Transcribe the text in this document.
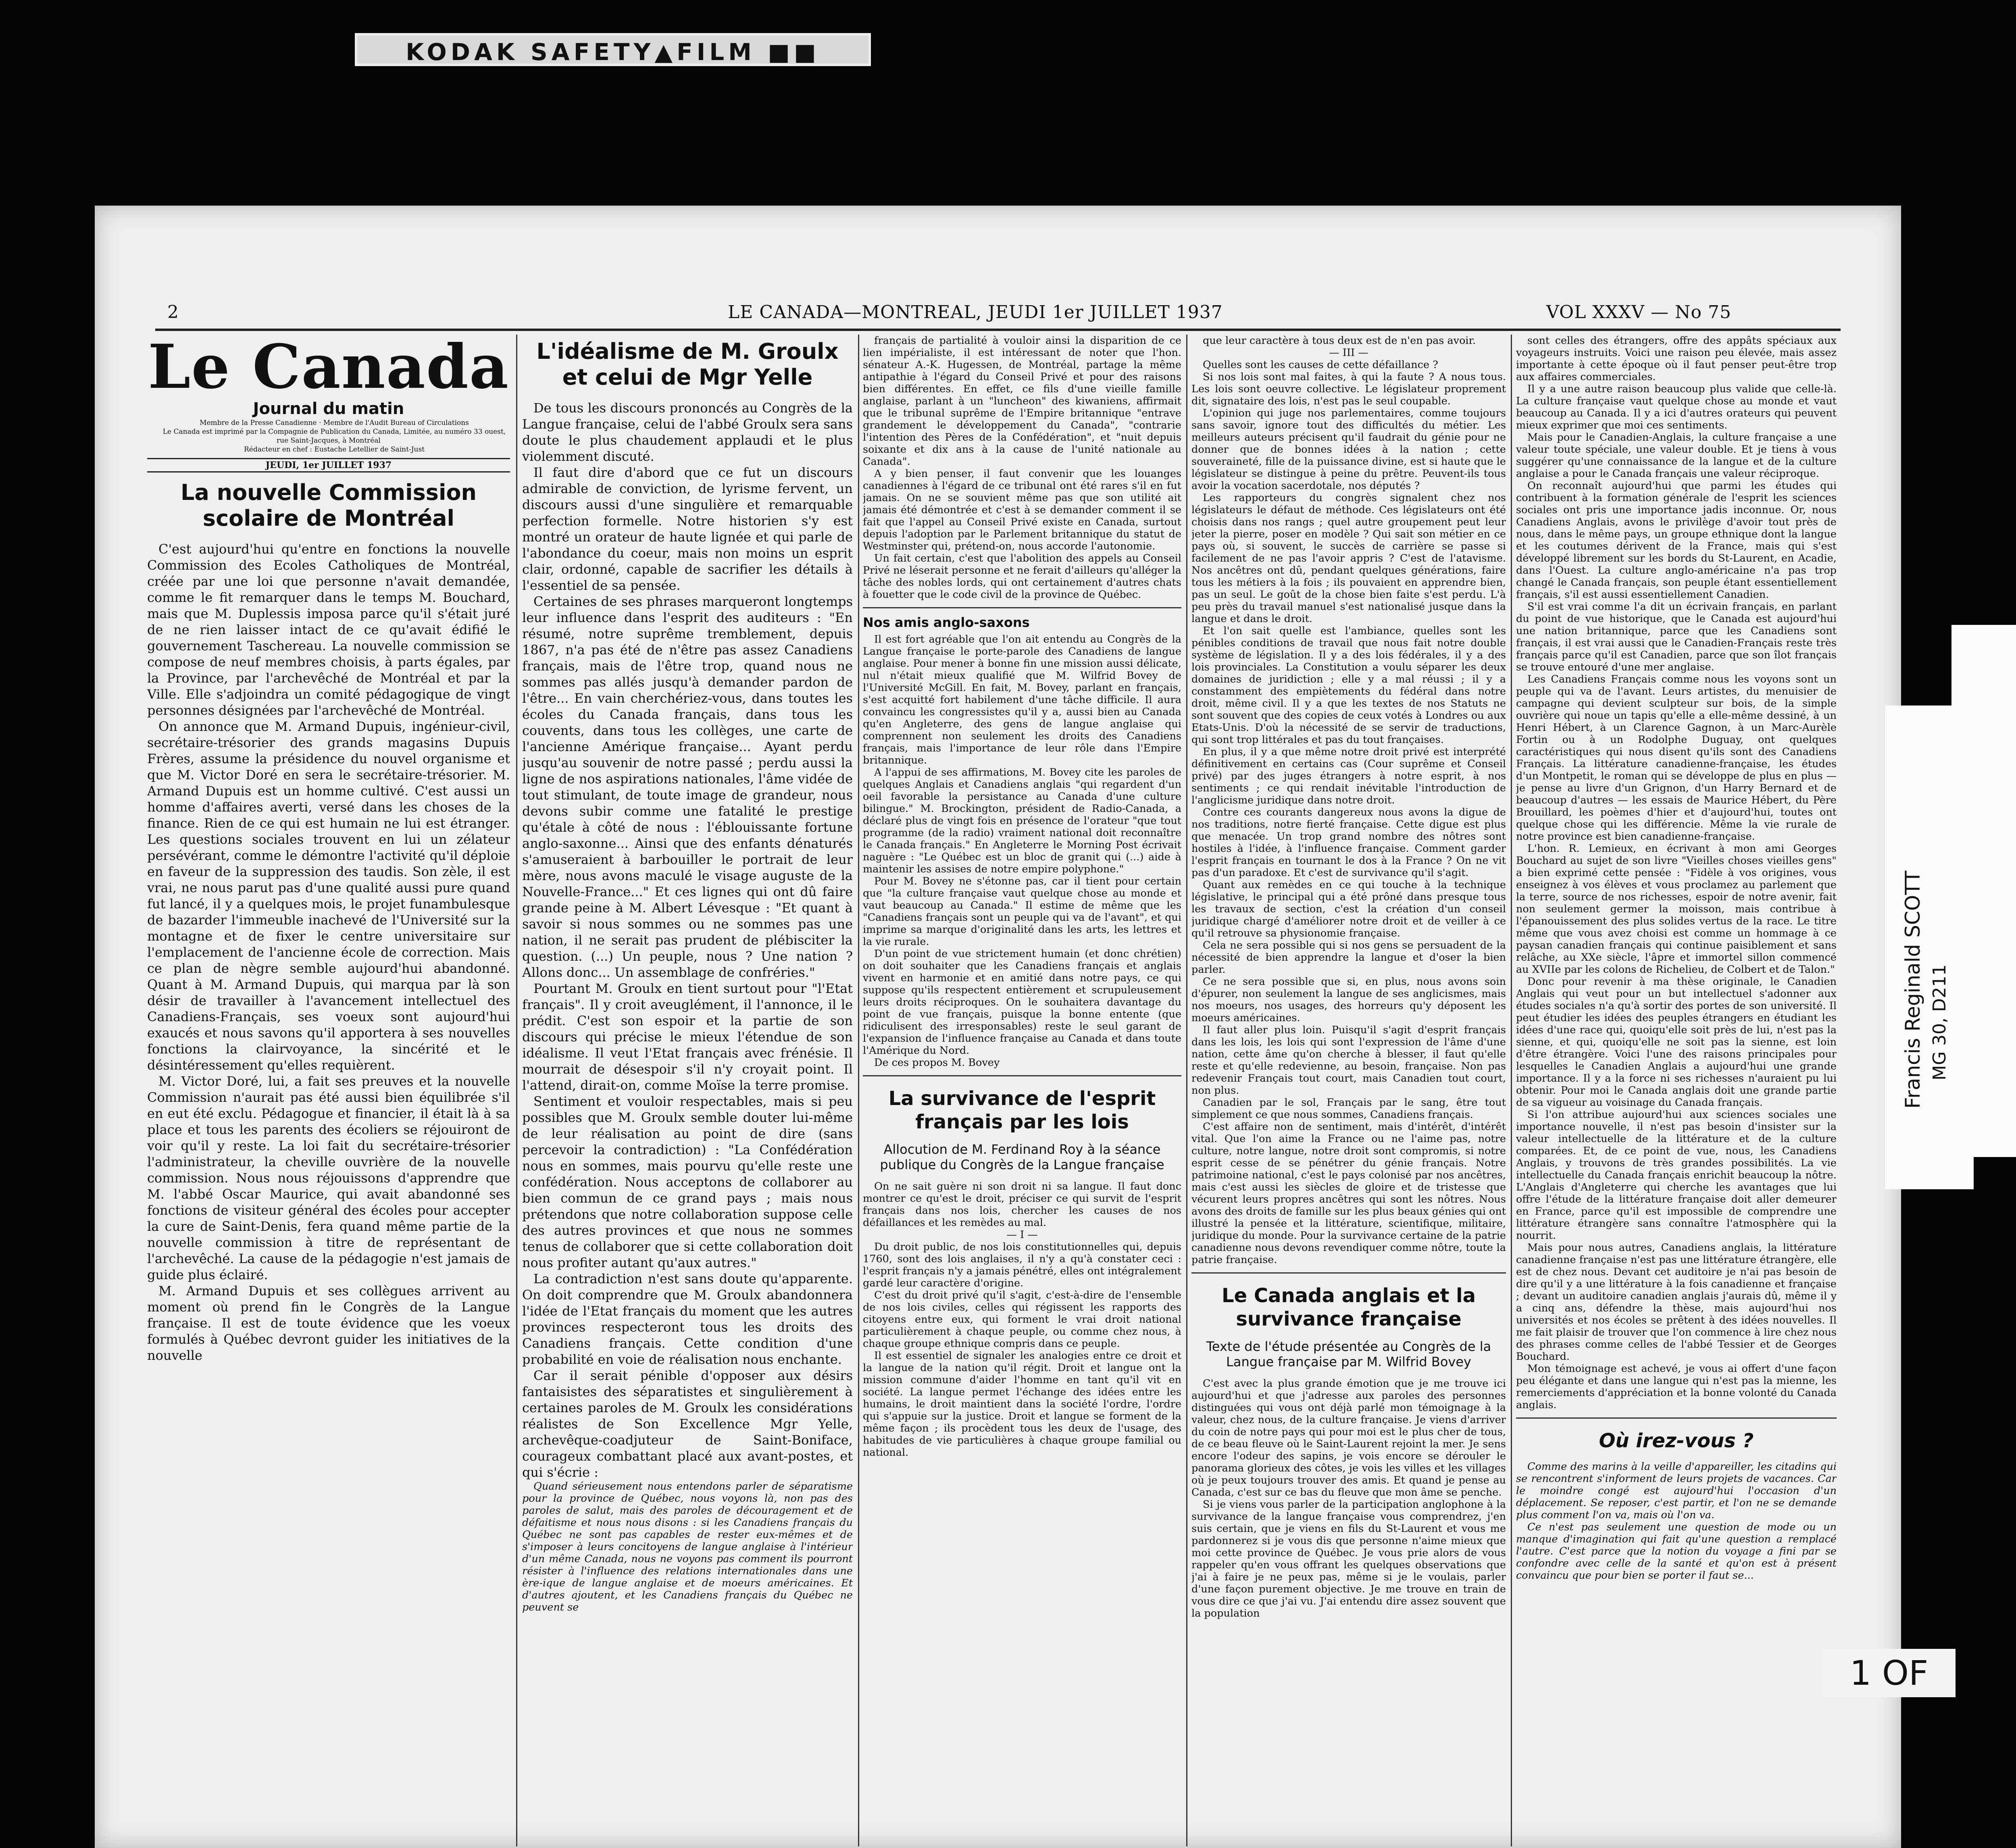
KODAK SAFETY▲FILM ■■
2	LE CANADA—MONTREAL, JEUDI 1er JUILLET 1937	VOL XXXV — No 75
Le Canada
Journal du matin

Membre de la Presse Canadienne · Membre de l'Audit Bureau of Circulations

Le Canada est imprimé par la Compagnie de Publication du Canada, Limitée, au numéro 33 ouest, rue Saint-Jacques, à Montréal

Rédacteur en chef : Eustache Letellier de Saint-Just

JEUDI, 1er JUILLET 1937
La nouvelle Commission scolaire de Montréal

C'est aujourd'hui qu'entre en fonctions la nouvelle Commission des Ecoles Catholiques de Montréal, créée par une loi que personne n'avait demandée, comme le fit remarquer dans le temps M. Bouchard, mais que M. Duplessis imposa parce qu'il s'était juré de ne rien laisser intact de ce qu'avait édifié le gouvernement Taschereau. La nouvelle commission se compose de neuf membres choisis, à parts égales, par la Province, par l'archevêché de Montréal et par la Ville. Elle s'adjoindra un comité pédagogique de vingt personnes désignées par l'archevêché de Montréal.

On annonce que M. Armand Dupuis, ingénieur-civil, secrétaire-trésorier des grands magasins Dupuis Frères, assume la présidence du nouvel organisme et que M. Victor Doré en sera le secrétaire-trésorier. M. Armand Dupuis est un homme cultivé. C'est aussi un homme d'affaires averti, versé dans les choses de la finance. Rien de ce qui est humain ne lui est étranger. Les questions sociales trouvent en lui un zélateur persévérant, comme le démontre l'activité qu'il déploie en faveur de la suppression des taudis. Son zèle, il est vrai, ne nous parut pas d'une qualité aussi pure quand fut lancé, il y a quelques mois, le projet funambulesque de bazarder l'immeuble inachevé de l'Université sur la montagne et de fixer le centre universitaire sur l'emplacement de l'ancienne école de correction. Mais ce plan de nègre semble aujourd'hui abandonné. Quant à M. Armand Dupuis, qui marqua par là son désir de travailler à l'avancement intellectuel des Canadiens-Français, ses voeux sont aujourd'hui exaucés et nous savons qu'il apportera à ses nouvelles fonctions la clairvoyance, la sincérité et le désintéressement qu'elles requièrent.

M. Victor Doré, lui, a fait ses preuves et la nouvelle Commission n'aurait pas été aussi bien équilibrée s'il en eut été exclu. Pédagogue et financier, il était là à sa place et tous les parents des écoliers se réjouiront de voir qu'il y reste. La loi fait du secrétaire-trésorier l'administrateur, la cheville ouvrière de la nouvelle commission. Nous nous réjouissons d'apprendre que M. l'abbé Oscar Maurice, qui avait abandonné ses fonctions de visiteur général des écoles pour accepter la cure de Saint-Denis, fera quand même partie de la nouvelle commission à titre de représentant de l'archevêché. La cause de la pédagogie n'est jamais de guide plus éclairé.

M. Armand Dupuis et ses collègues arrivent au moment où prend fin le Congrès de la Langue française. Il est de toute évidence que les voeux formulés à Québec devront guider les initiatives de la nouvelle

L'idéalisme de M. Groulx et celui de Mgr Yelle

De tous les discours prononcés au Congrès de la Langue française, celui de l'abbé Groulx sera sans doute le plus chaudement applaudi et le plus violemment discuté.

Il faut dire d'abord que ce fut un discours admirable de conviction, de lyrisme fervent, un discours aussi d'une singulière et remarquable perfection formelle. Notre historien s'y est montré un orateur de haute lignée et qui parle de l'abondance du coeur, mais non moins un esprit clair, ordonné, capable de sacrifier les détails à l'essentiel de sa pensée.

Certaines de ses phrases marqueront longtemps leur influence dans l'esprit des auditeurs : "En résumé, notre suprême tremblement, depuis 1867, n'a pas été de n'être pas assez Canadiens français, mais de l'être trop, quand nous ne sommes pas allés jusqu'à demander pardon de l'être... En vain cherchériez-vous, dans toutes les écoles du Canada français, dans tous les couvents, dans tous les collèges, une carte de l'ancienne Amérique française... Ayant perdu jusqu'au souvenir de notre passé ; perdu aussi la ligne de nos aspirations nationales, l'âme vidée de tout stimulant, de toute image de grandeur, nous devons subir comme une fatalité le prestige qu'étale à côté de nous : l'éblouissante fortune anglo-saxonne... Ainsi que des enfants dénaturés s'amuseraient à barbouiller le portrait de leur mère, nous avons maculé le visage auguste de la Nouvelle-France..." Et ces lignes qui ont dû faire grande peine à M. Albert Lévesque : "Et quant à savoir si nous sommes ou ne sommes pas une nation, il ne serait pas prudent de plébisciter la question. (...) Un peuple, nous ? Une nation ? Allons donc... Un assemblage de confréries."

Pourtant M. Groulx en tient surtout pour "l'Etat français". Il y croit aveuglément, il l'annonce, il le prédit. C'est son espoir et la partie de son discours qui précise le mieux l'étendue de son idéalisme. Il veut l'Etat français avec frénésie. Il mourrait de désespoir s'il n'y croyait point. Il l'attend, dirait-on, comme Moïse la terre promise.

Sentiment et vouloir respectables, mais si peu possibles que M. Groulx semble douter lui-même de leur réalisation au point de dire (sans percevoir la contradiction) : "La Confédération nous en sommes, mais pourvu qu'elle reste une confédération. Nous acceptons de collaborer au bien commun de ce grand pays ; mais nous prétendons que notre collaboration suppose celle des autres provinces et que nous ne sommes tenus de collaborer que si cette collaboration doit nous profiter autant qu'aux autres."

La contradiction n'est sans doute qu'apparente. On doit comprendre que M. Groulx abandonnera l'idée de l'Etat français du moment que les autres provinces respecteront tous les droits des Canadiens français. Cette condition d'une probabilité en voie de réalisation nous enchante.

Car il serait pénible d'opposer aux désirs fantaisistes des séparatistes et singulièrement à certaines paroles de M. Groulx les considérations réalistes de Son Excellence Mgr Yelle, archevêque-coadjuteur de Saint-Boniface, courageux combattant placé aux avant-postes, et qui s'écrie :

Quand sérieusement nous entendons parler de séparatisme pour la province de Québec, nous voyons là, non pas des paroles de salut, mais des paroles de découragement et de défaitisme et nous nous disons : si les Canadiens français du Québec ne sont pas capables de rester eux-mêmes et de s'imposer à leurs concitoyens de langue anglaise à l'intérieur d'un même Canada, nous ne voyons pas comment ils pourront résister à l'influence des relations internationales dans une ère-ique de langue anglaise et de moeurs américaines. Et d'autres ajoutent, et les Canadiens français du Québec ne peuvent se

français de partialité à vouloir ainsi la disparition de ce lien impérialiste, il est intéressant de noter que l'hon. sénateur A.-K. Hugessen, de Montréal, partage la même antipathie à l'égard du Conseil Privé et pour des raisons bien différentes. En effet, ce fils d'une vieille famille anglaise, parlant à un "luncheon" des kiwaniens, affirmait que le tribunal suprême de l'Empire britannique "entrave grandement le développement du Canada", "contrarie l'intention des Pères de la Confédération", et "nuit depuis soixante et dix ans à la cause de l'unité nationale au Canada".

A y bien penser, il faut convenir que les louanges canadiennes à l'égard de ce tribunal ont été rares s'il en fut jamais. On ne se souvient même pas que son utilité ait jamais été démontrée et c'est à se demander comment il se fait que l'appel au Conseil Privé existe en Canada, surtout depuis l'adoption par le Parlement britannique du statut de Westminster qui, prétend-on, nous accorde l'autonomie.

Un fait certain, c'est que l'abolition des appels au Conseil Privé ne léserait personne et ne ferait d'ailleurs qu'alléger la tâche des nobles lords, qui ont certainement d'autres chats à fouetter que le code civil de la province de Québec.

Nos amis anglo-saxons

Il est fort agréable que l'on ait entendu au Congrès de la Langue française le porte-parole des Canadiens de langue anglaise. Pour mener à bonne fin une mission aussi délicate, nul n'était mieux qualifié que M. Wilfrid Bovey de l'Université McGill. En fait, M. Bovey, parlant en français, s'est acquitté fort habilement d'une tâche difficile. Il aura convaincu les congressistes qu'il y a, aussi bien au Canada qu'en Angleterre, des gens de langue anglaise qui comprennent non seulement les droits des Canadiens français, mais l'importance de leur rôle dans l'Empire britannique.

A l'appui de ses affirmations, M. Bovey cite les paroles de quelques Anglais et Canadiens anglais "qui regardent d'un oeil favorable la persistance au Canada d'une culture bilingue." M. Brockington, président de Radio-Canada, a déclaré plus de vingt fois en présence de l'orateur "que tout programme (de la radio) vraiment national doit reconnaître le Canada français." En Angleterre le Morning Post écrivait naguère : "Le Québec est un bloc de granit qui (...) aide à maintenir les assises de notre empire polyphone."

Pour M. Bovey ne s'étonne pas, car il tient pour certain que "la culture française vaut quelque chose au monde et vaut beaucoup au Canada." Il estime de même que les "Canadiens français sont un peuple qui va de l'avant", et qui imprime sa marque d'originalité dans les arts, les lettres et la vie rurale.

D'un point de vue strictement humain (et donc chrétien) on doit souhaiter que les Canadiens français et anglais vivent en harmonie et en amitié dans notre pays, ce qui suppose qu'ils respectent entièrement et scrupuleusement leurs droits réciproques. On le souhaitera davantage du point de vue français, puisque la bonne entente (que ridiculisent des irresponsables) reste le seul garant de l'expansion de l'influence française au Canada et dans toute l'Amérique du Nord.

De ces propos M. Bovey

La survivance de l'esprit français par les lois
Allocution de M. Ferdinand Roy à la séance publique du Congrès de la Langue française

On ne sait guère ni son droit ni sa langue. Il faut donc montrer ce qu'est le droit, préciser ce qui survit de l'esprit français dans nos lois, chercher les causes de nos défaillances et les remèdes au mal.

— I —

Du droit public, de nos lois constitutionnelles qui, depuis 1760, sont des lois anglaises, il n'y a qu'à constater ceci : l'esprit français n'y a jamais pénétré, elles ont intégralement gardé leur caractère d'origine.

C'est du droit privé qu'il s'agit, c'est-à-dire de l'ensemble de nos lois civiles, celles qui régissent les rapports des citoyens entre eux, qui forment le vrai droit national particulièrement à chaque peuple, ou comme chez nous, à chaque groupe ethnique compris dans ce peuple.

Il est essentiel de signaler les analogies entre ce droit et la langue de la nation qu'il régit. Droit et langue ont la mission commune d'aider l'homme en tant qu'il vit en société. La langue permet l'échange des idées entre les humains, le droit maintient dans la société l'ordre, l'ordre qui s'appuie sur la justice. Droit et langue se forment de la même façon ; ils procèdent tous les deux de l'usage, des habitudes de vie particulières à chaque groupe familial ou national.

que leur caractère à tous deux est de n'en pas avoir.

— III —

Quelles sont les causes de cette défaillance ?

Si nos lois sont mal faites, à qui la faute ? A nous tous. Les lois sont oeuvre collective. Le législateur proprement dit, signataire des lois, n'est pas le seul coupable.

L'opinion qui juge nos parlementaires, comme toujours sans savoir, ignore tout des difficultés du métier. Les meilleurs auteurs précisent qu'il faudrait du génie pour ne donner que de bonnes idées à la nation ; cette souveraineté, fille de la puissance divine, est si haute que le législateur se distingue à peine du prêtre. Peuvent-ils tous avoir la vocation sacerdotale, nos députés ?

Les rapporteurs du congrès signalent chez nos législateurs le défaut de méthode. Ces législateurs ont été choisis dans nos rangs ; quel autre groupement peut leur jeter la pierre, poser en modèle ? Qui sait son métier en ce pays où, si souvent, le succès de carrière se passe si facilement de ne pas l'avoir appris ? C'est de l'atavisme. Nos ancêtres ont dû, pendant quelques générations, faire tous les métiers à la fois ; ils pouvaient en apprendre bien, pas un seul. Le goût de la chose bien faite s'est perdu. L'à peu près du travail manuel s'est nationalisé jusque dans la langue et dans le droit.

Et l'on sait quelle est l'ambiance, quelles sont les pénibles conditions de travail que nous fait notre double système de législation. Il y a des lois fédérales, il y a des lois provinciales. La Constitution a voulu séparer les deux domaines de juridiction ; elle y a mal réussi ; il y a constamment des empiètements du fédéral dans notre droit, même civil. Il y a que les textes de nos Statuts ne sont souvent que des copies de ceux votés à Londres ou aux Etats-Unis. D'où la nécessité de se servir de traductions, qui sont trop littérales et pas du tout françaises.

En plus, il y a que même notre droit privé est interprété définitivement en certains cas (Cour suprême et Conseil privé) par des juges étrangers à notre esprit, à nos sentiments ; ce qui rendait inévitable l'introduction de l'anglicisme juridique dans notre droit.

Contre ces courants dangereux nous avons la digue de nos traditions, notre fierté française. Cette digue est plus que menacée. Un trop grand nombre des nôtres sont hostiles à l'idée, à l'influence française. Comment garder l'esprit français en tournant le dos à la France ? On ne vit pas d'un paradoxe. Et c'est de survivance qu'il s'agit.

Quant aux remèdes en ce qui touche à la technique législative, le principal qui a été prôné dans presque tous les travaux de section, c'est la création d'un conseil juridique chargé d'améliorer notre droit et de veiller à ce qu'il retrouve sa physionomie française.

Cela ne sera possible qui si nos gens se persuadent de la nécessité de bien apprendre la langue et d'oser la bien parler.

Ce ne sera possible que si, en plus, nous avons soin d'épurer, non seulement la langue de ses anglicismes, mais nos moeurs, nos usages, des horreurs qu'y déposent les moeurs américaines.

Il faut aller plus loin. Puisqu'il s'agit d'esprit français dans les lois, les lois qui sont l'expression de l'âme d'une nation, cette âme qu'on cherche à blesser, il faut qu'elle reste et qu'elle redevienne, au besoin, française. Non pas redevenir Français tout court, mais Canadien tout court, non plus.

Canadien par le sol, Français par le sang, être tout simplement ce que nous sommes, Canadiens français.

C'est affaire non de sentiment, mais d'intérêt, d'intérêt vital. Que l'on aime la France ou ne l'aime pas, notre culture, notre langue, notre droit sont compromis, si notre esprit cesse de se pénétrer du génie français. Notre patrimoine national, c'est le pays colonisé par nos ancêtres, mais c'est aussi les siècles de gloire et de tristesse que vécurent leurs propres ancêtres qui sont les nôtres. Nous avons des droits de famille sur les plus beaux génies qui ont illustré la pensée et la littérature, scientifique, militaire, juridique du monde. Pour la survivance certaine de la patrie canadienne nous devons revendiquer comme nôtre, toute la patrie française.

Le Canada anglais et la survivance française
Texte de l'étude présentée au Congrès de la Langue française par M. Wilfrid Bovey

C'est avec la plus grande émotion que je me trouve ici aujourd'hui et que j'adresse aux paroles des personnes distinguées qui vous ont déjà parlé mon témoignage à la valeur, chez nous, de la culture française. Je viens d'arriver du coin de notre pays qui pour moi est le plus cher de tous, de ce beau fleuve où le Saint-Laurent rejoint la mer. Je sens encore l'odeur des sapins, je vois encore se dérouler le panorama glorieux des côtes, je vois les villes et les villages où je peux toujours trouver des amis. Et quand je pense au Canada, c'est sur ce bas du fleuve que mon âme se penche.

Si je viens vous parler de la participation anglophone à la survivance de la langue française vous comprendrez, j'en suis certain, que je viens en fils du St-Laurent et vous me pardonnerez si je vous dis que personne n'aime mieux que moi cette province de Québec. Je vous prie alors de vous rappeler qu'en vous offrant les quelques observations que j'ai à faire je ne peux pas, même si je le voulais, parler d'une façon purement objective. Je me trouve en train de vous dire ce que j'ai vu. J'ai entendu dire assez souvent que la population

sont celles des étrangers, offre des appâts spéciaux aux voyageurs instruits. Voici une raison peu élevée, mais assez importante à cette époque où il faut penser peut-être trop aux affaires commerciales.

Il y a une autre raison beaucoup plus valide que celle-là. La culture française vaut quelque chose au monde et vaut beaucoup au Canada. Il y a ici d'autres orateurs qui peuvent mieux exprimer que moi ces sentiments.

Mais pour le Canadien-Anglais, la culture française a une valeur toute spéciale, une valeur double. Et je tiens à vous suggérer qu'une connaissance de la langue et de la culture anglaise a pour le Canada français une valeur réciproque.

On reconnaît aujourd'hui que parmi les études qui contribuent à la formation générale de l'esprit les sciences sociales ont pris une importance jadis inconnue. Or, nous Canadiens Anglais, avons le privilège d'avoir tout près de nous, dans le même pays, un groupe ethnique dont la langue et les coutumes dérivent de la France, mais qui s'est développé librement sur les bords du St-Laurent, en Acadie, dans l'Ouest. La culture anglo-américaine n'a pas trop changé le Canada français, son peuple étant essentiellement français, s'il est aussi essentiellement Canadien.

S'il est vrai comme l'a dit un écrivain français, en parlant du point de vue historique, que le Canada est aujourd'hui une nation britannique, parce que les Canadiens sont français, il est vrai aussi que le Canadien-Français reste très français parce qu'il est Canadien, parce que son îlot français se trouve entouré d'une mer anglaise.

Les Canadiens Français comme nous les voyons sont un peuple qui va de l'avant. Leurs artistes, du menuisier de campagne qui devient sculpteur sur bois, de la simple ouvrière qui noue un tapis qu'elle a elle-même dessiné, à un Henri Hébert, à un Clarence Gagnon, à un Marc-Aurèle Fortin ou à un Rodolphe Duguay, ont quelques caractéristiques qui nous disent qu'ils sont des Canadiens Français. La littérature canadienne-française, les études d'un Montpetit, le roman qui se développe de plus en plus — je pense au livre d'un Grignon, d'un Harry Bernard et de beaucoup d'autres — les essais de Maurice Hébert, du Père Brouillard, les poèmes d'hier et d'aujourd'hui, toutes ont quelque chose qui les différencie. Même la vie rurale de notre province est bien canadienne-française.

L'hon. R. Lemieux, en écrivant à mon ami Georges Bouchard au sujet de son livre "Vieilles choses vieilles gens" a bien exprimé cette pensée : "Fidèle à vos origines, vous enseignez à vos élèves et vous proclamez au parlement que la terre, source de nos richesses, espoir de notre avenir, fait non seulement germer la moisson, mais contribue à l'épanouissement des plus solides vertus de la race. Le titre même que vous avez choisi est comme un hommage à ce paysan canadien français qui continue paisiblement et sans relâche, au XXe siècle, l'âpre et immortel sillon commencé au XVIIe par les colons de Richelieu, de Colbert et de Talon."

Donc pour revenir à ma thèse originale, le Canadien Anglais qui veut pour un but intellectuel s'adonner aux études sociales n'a qu'à sortir des portes de son université. Il peut étudier les idées des peuples étrangers en étudiant les idées d'une race qui, quoiqu'elle soit près de lui, n'est pas la sienne, et qui, quoiqu'elle ne soit pas la sienne, est loin d'être étrangère. Voici l'une des raisons principales pour lesquelles le Canadien Anglais a aujourd'hui une grande importance. Il y a la force ni ses richesses n'auraient pu lui obtenir. Pour moi le Canada anglais doit une grande partie de sa vigueur au voisinage du Canada français.

Si l'on attribue aujourd'hui aux sciences sociales une importance nouvelle, il n'est pas besoin d'insister sur la valeur intellectuelle de la littérature et de la culture comparées. Et, de ce point de vue, nous, les Canadiens Anglais, y trouvons de très grandes possibilités. La vie intellectuelle du Canada français enrichit beaucoup la nôtre. L'Anglais d'Angleterre qui cherche les avantages que lui offre l'étude de la littérature française doit aller demeurer en France, parce qu'il est impossible de comprendre une littérature étrangère sans connaître l'atmosphère qui la nourrit.

Mais pour nous autres, Canadiens anglais, la littérature canadienne française n'est pas une littérature étrangère, elle est de chez nous. Devant cet auditoire je n'ai pas besoin de dire qu'il y a une littérature à la fois canadienne et française ; devant un auditoire canadien anglais j'aurais dû, même il y a cinq ans, défendre la thèse, mais aujourd'hui nos universités et nos écoles se prêtent à des idées nouvelles. Il me fait plaisir de trouver que l'on commence à lire chez nous des phrases comme celles de l'abbé Tessier et de Georges Bouchard.

Mon témoignage est achevé, je vous ai offert d'une façon peu élégante et dans une langue qui n'est pas la mienne, les remerciements d'appréciation et la bonne volonté du Canada anglais.

Où irez-vous ?

Comme des marins à la veille d'appareiller, les citadins qui se rencontrent s'informent de leurs projets de vacances. Car le moindre congé est aujourd'hui l'occasion d'un déplacement. Se reposer, c'est partir, et l'on ne se demande plus comment l'on va, mais où l'on va.

Ce n'est pas seulement une question de mode ou un manque d'imagination qui fait qu'une question a remplacé l'autre. C'est parce que la notion du voyage a fini par se confondre avec celle de la santé et qu'on est à présent convaincu que pour bien se porter il faut se...

Francis Reginald SCOTT MG 30, D211
1 OF
